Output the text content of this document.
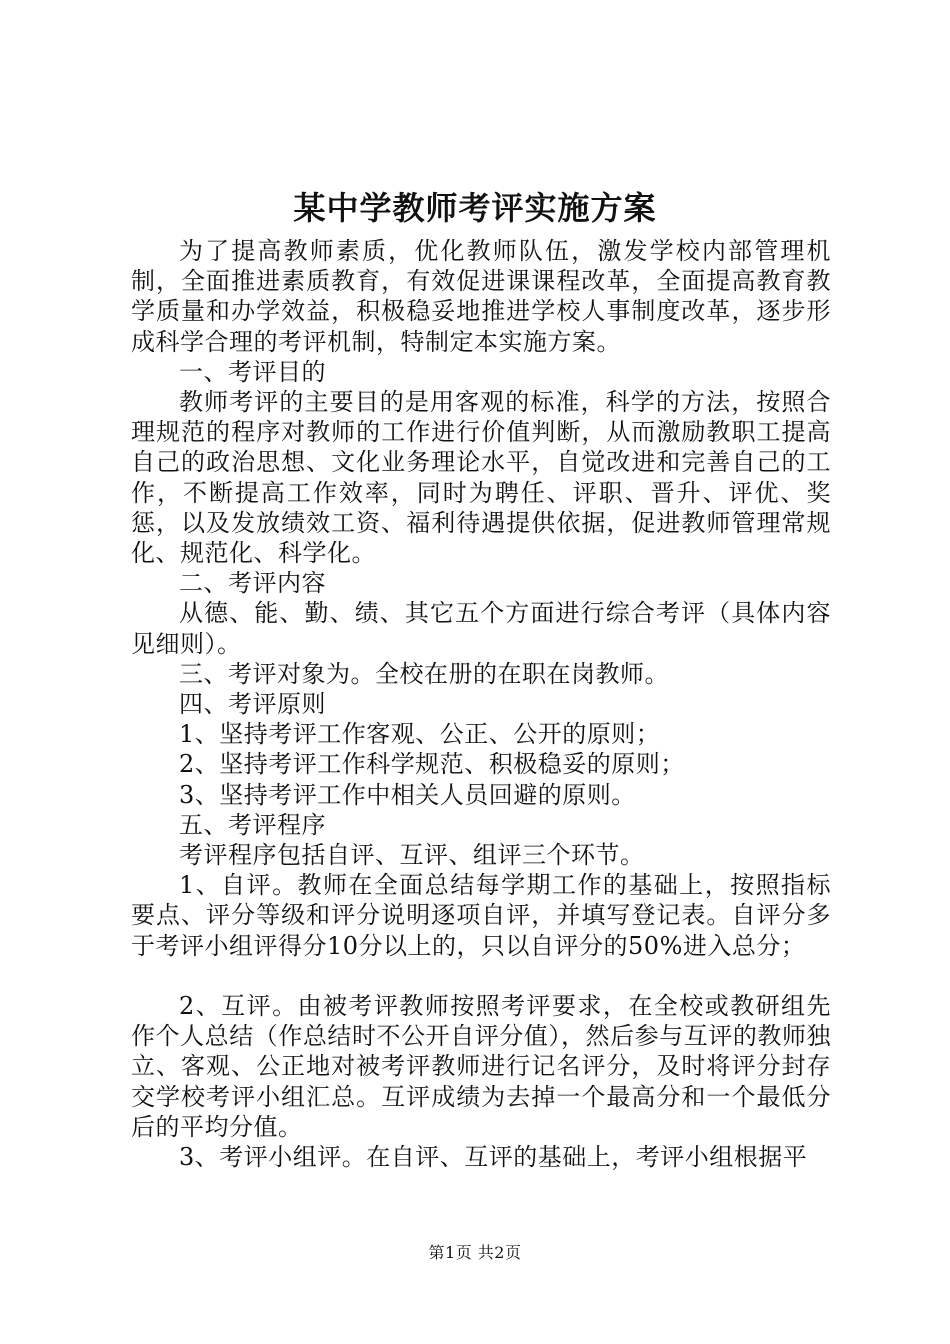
某中学教师考评实施方案

为了提高教师素质，优化教师队伍，激发学校内部管理机制，全面推进素质教育，有效促进课课程改革，全面提高教育教学质量和办学效益，积极稳妥地推进学校人事制度改革，逐步形成科学合理的考评机制，特制定本实施方案。

一、考评目的

教师考评的主要目的是用客观的标准，科学的方法，按照合理规范的程序对教师的工作进行价值判断，从而激励教职工提高自己的政治思想、文化业务理论水平，自觉改进和完善自己的工作，不断提高工作效率，同时为聘任、评职、晋升、评优、奖惩，以及发放绩效工资、福利待遇提供依据，促进教师管理常规化、规范化、科学化。

二、考评内容

从德、能、勤、绩、其它五个方面进行综合考评（具体内容见细则）。

三、考评对象为。全校在册的在职在岗教师。

四、考评原则

1、坚持考评工作客观、公正、公开的原则；

2、坚持考评工作科学规范、积极稳妥的原则；

3、坚持考评工作中相关人员回避的原则。

五、考评程序

考评程序包括自评、互评、组评三个环节。

1、自评。教师在全面总结每学期工作的基础上，按照指标要点、评分等级和评分说明逐项自评，并填写登记表。自评分多于考评小组评得分10分以上的，只以自评分的50%进入总分；

2、互评。由被考评教师按照考评要求，在全校或教研组先作个人总结（作总结时不公开自评分值），然后参与互评的教师独立、客观、公正地对被考评教师进行记名评分，及时将评分封存交学校考评小组汇总。互评成绩为去掉一个最高分和一个最低分后的平均分值。

3、考评小组评。在自评、互评的基础上，考评小组根据平

第1页 共2页
